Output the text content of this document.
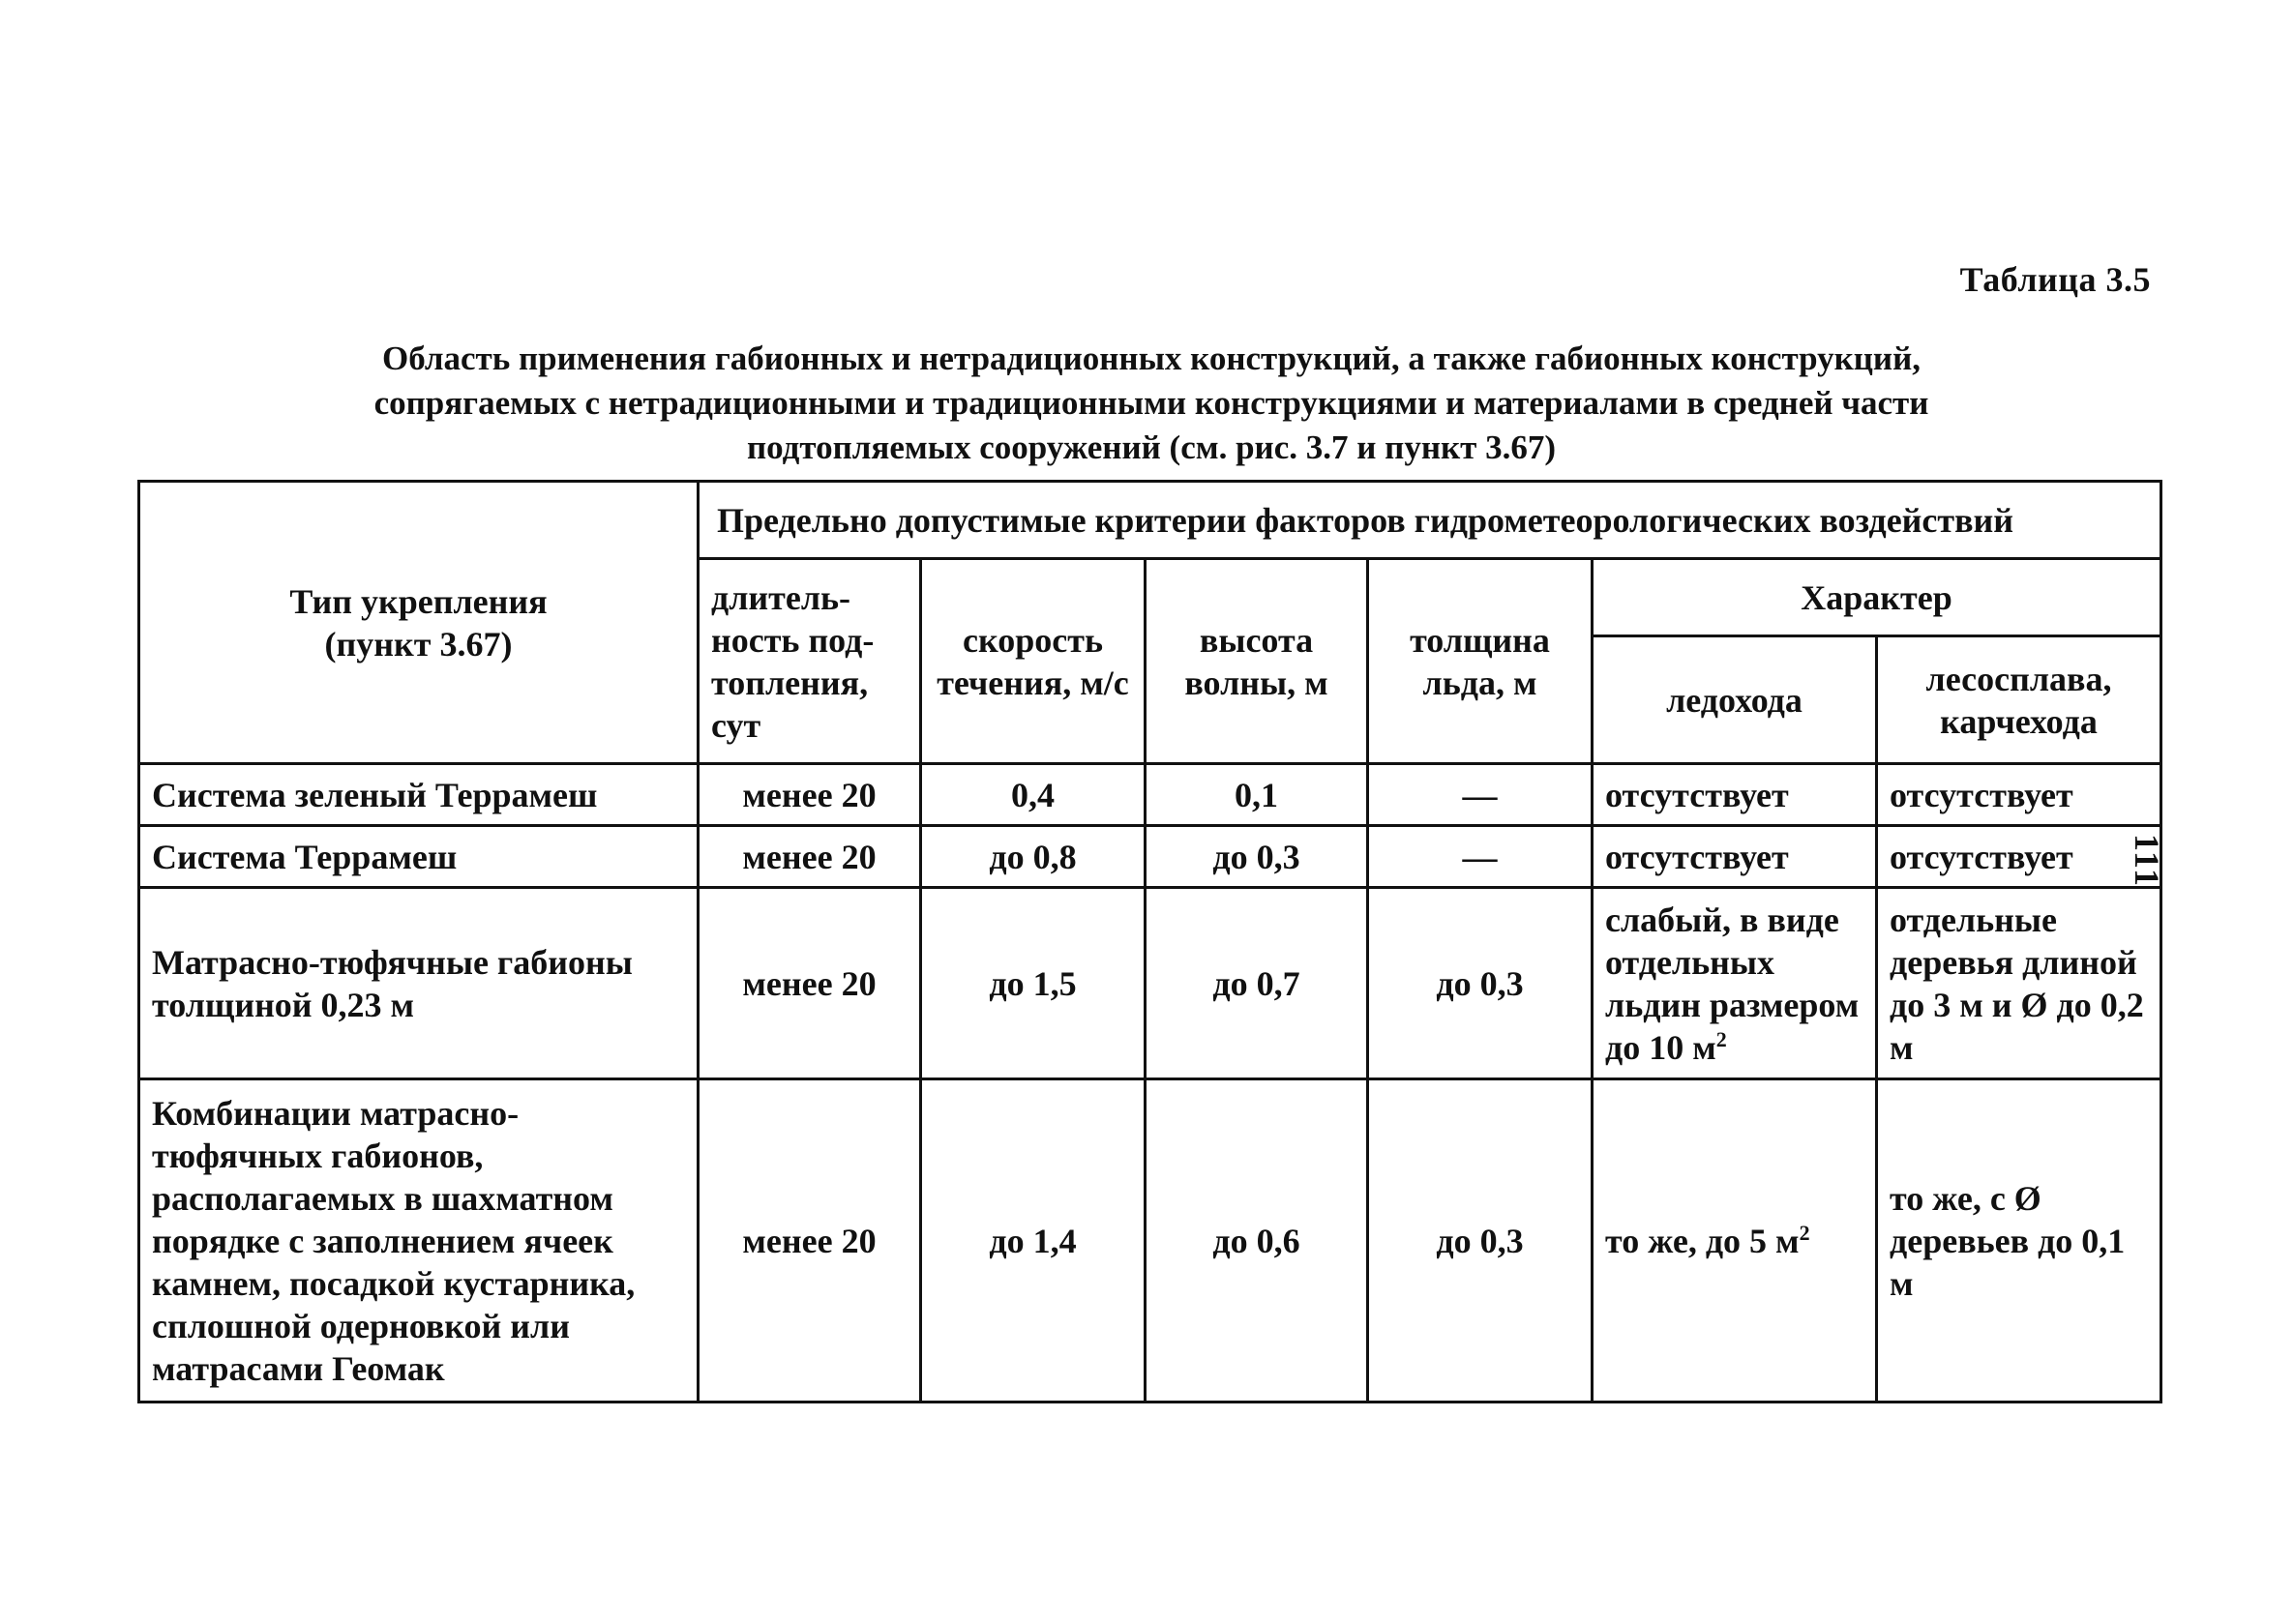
Таблица 3.5
Область применения габионных и нетрадиционных конструкций, а также габионных конструкций,
сопрягаемых с нетрадиционными и традиционными конструкциями и материалами в средней части
подтопляемых сооружений (см. рис. 3.7 и пункт 3.67)
111
Тип укрепления
(пункт 3.67)	Предельно допустимые критерии факторов гидрометеорологических воздействий					
	длитель-ность под-топления, сут	скорость течения, м/с	высота волны, м	толщина льда, м	Характер	
					ледохода	лесосплава, карчехода
Система зеленый Террамеш	менее 20	0,4	0,1	—	отсутствует	отсутствует
Система Террамеш	менее 20	до 0,8	до 0,3	—	отсутствует	отсутствует
Матрасно-тюфячные габионы толщиной 0,23 м	менее 20	до 1,5	до 0,7	до 0,3	слабый, в виде отдельных льдин размером до 10 $м^2$	отдельные деревья длиной до 3 м и Ø до 0,2 м
Комбинации матрасно-тюфячных габионов, располагаемых в шахматном порядке с заполнением ячеек камнем, посадкой кустарника, сплошной одерновкой или матрасами Геомак	менее 20	до 1,4	до 0,6	до 0,3	то же, до 5 $м^2$	то же, с Ø деревьев до 0,1 м
